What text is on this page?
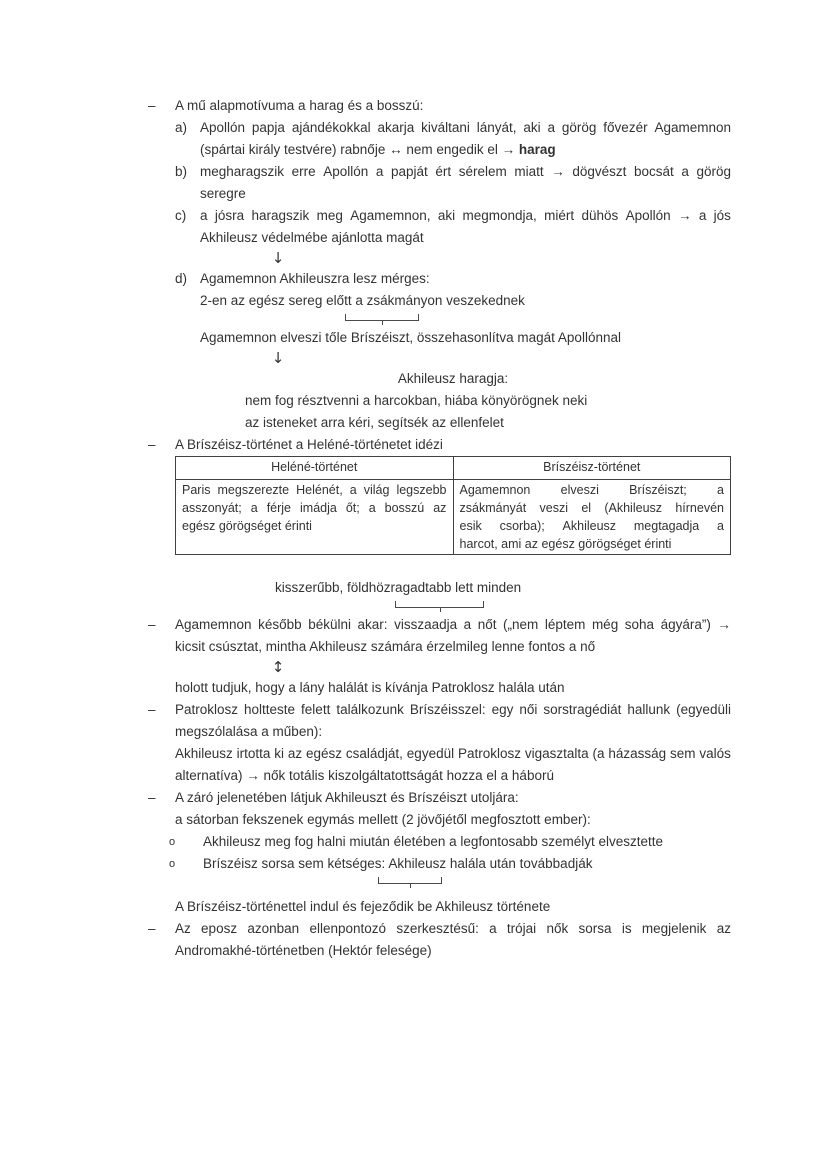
– A mű alapmotívuma a harag és a bosszú:
a) Apollón papja ajándékokkal akarja kiváltani lányát, aki a görög fővezér Agamemnon
(spártai király testvére) rabnője ↔ nem engedik el → harag
b) megharagszik erre Apollón a papját ért sérelem miatt → dögvészt bocsát a görög
seregre
c) a jósra haragszik meg Agamemnon, aki megmondja, miért dühös Apollón → a jós
Akhileusz védelmébe ajánlotta magát
↓
d) Agamemnon Akhileuszra lesz mérges:
2-en az egész sereg előtt a zsákmányon veszekednek
Agamemnon elveszi tőle Bríszéiszt, összehasonlítva magát Apollónnal
↓
Akhileusz haragja:
nem fog résztvenni a harcokban, hiába könyörögnek neki
az isteneket arra kéri, segítsék az ellenfelet
– A Bríszéisz-történet a Heléné-történetet idézi
Heléné-történet	Bríszéisz-történet

Paris megszerezte Helénét, a világ legszebb
asszonyát; a férje imádja őt; a bosszú az
egész görögséget érinti

Agamemnon elveszi Bríszéiszt; a
zsákmányát veszi el (Akhileusz hírnevén
esik csorba); Akhileusz megtagadja a
harcot, ami az egész görögséget érinti
kisszerűbb, földhözragadtabb lett minden
– Agamemnon később békülni akar: visszaadja a nőt („nem léptem még soha ágyára”) →
kicsit csúsztat, mintha Akhileusz számára érzelmileg lenne fontos a nő
↕
holott tudjuk, hogy a lány halálát is kívánja Patroklosz halála után
– Patroklosz holtteste felett találkozunk Bríszéisszel: egy női sorstragédiát hallunk (egyedüli
megszólalása a műben):
Akhileusz irtotta ki az egész családját, egyedül Patroklosz vigasztalta (a házasság sem valós
alternatíva) → nők totális kiszolgáltatottságát hozza el a háború
– A záró jelenetében látjuk Akhileuszt és Bríszéiszt utoljára:
a sátorban fekszenek egymás mellett (2 jövőjétől megfosztott ember):
o Akhileusz meg fog halni miután életében a legfontosabb személyt elvesztette
o Bríszéisz sorsa sem kétséges: Akhileusz halála után továbbadják
A Bríszéisz-történettel indul és fejeződik be Akhileusz története
– Az eposz azonban ellenpontozó szerkesztésű: a trójai nők sorsa is megjelenik az
Andromakhé-történetben (Hektór felesége)
